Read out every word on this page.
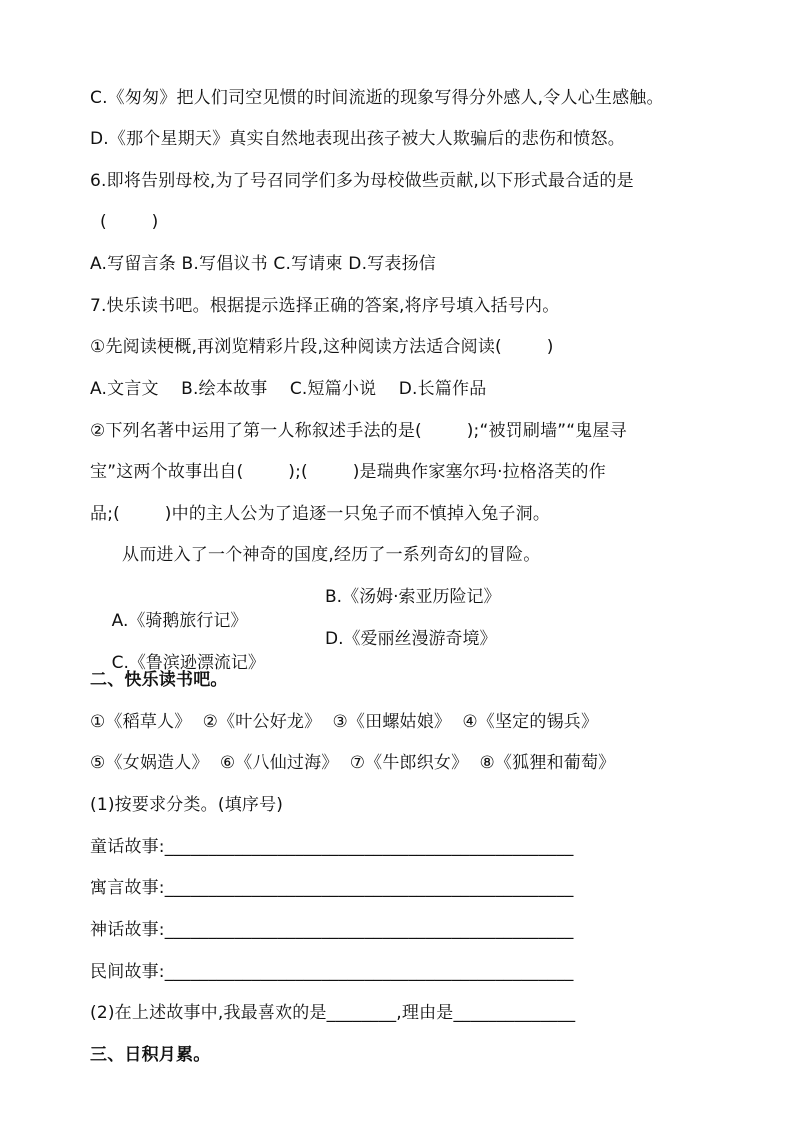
C.《匆匆》把人们司空见惯的时间流逝的现象写得分外感人,令人心生感触。
D.《那个星期天》真实自然地表现出孩子被大人欺骗后的悲伤和愤怒。
6.即将告别母校,为了号召同学们多为母校做些贡献,以下形式最合适的是
(        )
A.写留言条 B.写倡议书 C.写请柬 D.写表扬信
7.快乐读书吧。根据提示选择正确的答案,将序号填入括号内。
①先阅读梗概,再浏览精彩片段,这种阅读方法适合阅读(        )
A.文言文    B.绘本故事    C.短篇小说    D.长篇作品
②下列名著中运用了第一人称叙述手法的是(        );“被罚刷墙”“鬼屋寻
宝”这两个故事出自(        );(        )是瑞典作家塞尔玛·拉格洛芙的作
品;(        )中的主人公为了追逐一只兔子而不慎掉入兔子洞。
从而进入了一个神奇的国度,经历了一系列奇幻的冒险。

A.《骑鹅旅行记》

B.《汤姆·索亚历险记》

C.《鲁滨逊漂流记》

D.《爱丽丝漫游奇境》

二、快乐读书吧。
①《稻草人》  ②《叶公好龙》  ③《田螺姑娘》  ④《坚定的锡兵》
⑤《女娲造人》  ⑥《八仙过海》  ⑦《牛郎织女》  ⑧《狐狸和葡萄》
(1)按要求分类。(填序号)
童话故事:_______________________________________________
寓言故事:_______________________________________________
神话故事:_______________________________________________
民间故事:_______________________________________________
(2)在上述故事中,我最喜欢的是________,理由是______________
三、日积月累。
